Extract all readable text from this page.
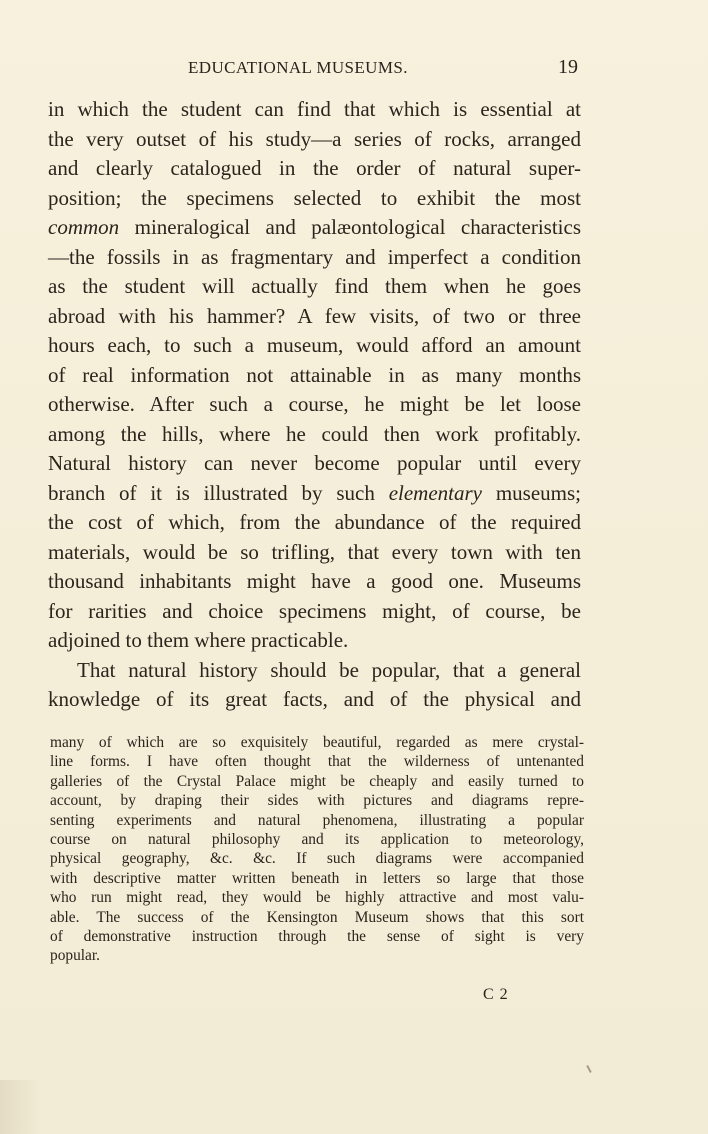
EDUCATIONAL MUSEUMS.	19
in which the student can find that which is essential at
the very outset of his study—a series of rocks, arranged
and clearly catalogued in the order of natural super-
position; the specimens selected to exhibit the most
common mineralogical and palæontological characteristics
—the fossils in as fragmentary and imperfect a condition
as the student will actually find them when he goes
abroad with his hammer? A few visits, of two or three
hours each, to such a museum, would afford an amount
of real information not attainable in as many months
otherwise. After such a course, he might be let loose
among the hills, where he could then work profitably.
Natural history can never become popular until every
branch of it is illustrated by such elementary museums;
the cost of which, from the abundance of the required
materials, would be so trifling, that every town with ten
thousand inhabitants might have a good one. Museums
for rarities and choice specimens might, of course, be
adjoined to them where practicable.
That natural history should be popular, that a general
knowledge of its great facts, and of the physical and
many of which are so exquisitely beautiful, regarded as mere crystal-
line forms. I have often thought that the wilderness of untenanted
galleries of the Crystal Palace might be cheaply and easily turned to
account, by draping their sides with pictures and diagrams repre-
senting experiments and natural phenomena, illustrating a popular
course on natural philosophy and its application to meteorology,
physical geography, &c. &c. If such diagrams were accompanied
with descriptive matter written beneath in letters so large that those
who run might read, they would be highly attractive and most valu-
able. The success of the Kensington Museum shows that this sort
of demonstrative instruction through the sense of sight is very
popular.
C 2
